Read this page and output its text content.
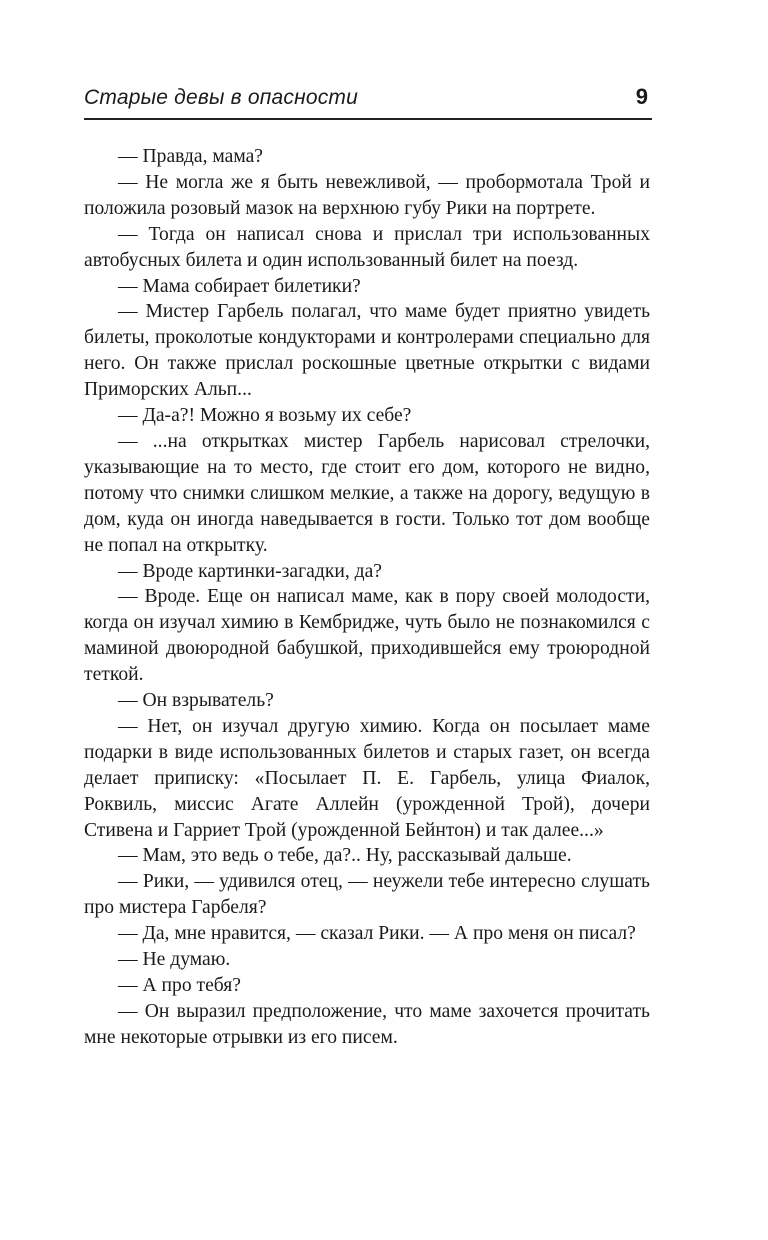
Старые девы в опасности	9

— Правда, мама?

— Не могла же я быть невежливой, — пробормотала Трой и положила розовый мазок на верхнюю губу Рики на портрете.

— Тогда он написал снова и прислал три использованных автобусных билета и один использованный билет на поезд.

— Мама собирает билетики?

— Мистер Гарбель полагал, что маме будет приятно увидеть билеты, проколотые кондукторами и контролерами специально для него. Он также прислал роскошные цветные открытки с видами Приморских Альп...

— Да-а?! Можно я возьму их себе?

— ...на открытках мистер Гарбель нарисовал стрелочки, указывающие на то место, где стоит его дом, которого не видно, потому что снимки слишком мелкие, а также на дорогу, ведущую в дом, куда он иногда наведывается в гости. Только тот дом вообще не попал на открытку.

— Вроде картинки-загадки, да?

— Вроде. Еще он написал маме, как в пору своей молодости, когда он изучал химию в Кембридже, чуть было не познакомился с маминой двоюродной бабушкой, приходившейся ему троюродной теткой.

— Он взрыватель?

— Нет, он изучал другую химию. Когда он посылает маме подарки в виде использованных билетов и старых газет, он всегда делает приписку: «Посылает П. Е. Гарбель, улица Фиалок, Роквиль, миссис Агате Аллейн (урожденной Трой), дочери Стивена и Гарриет Трой (урожденной Бейнтон) и так далее...»

— Мам, это ведь о тебе, да?.. Ну, рассказывай дальше.

— Рики, — удивился отец, — неужели тебе интересно слушать про мистера Гарбеля?

— Да, мне нравится, — сказал Рики. — А про меня он писал?

— Не думаю.

— А про тебя?

— Он выразил предположение, что маме захочется прочитать мне некоторые отрывки из его писем.
